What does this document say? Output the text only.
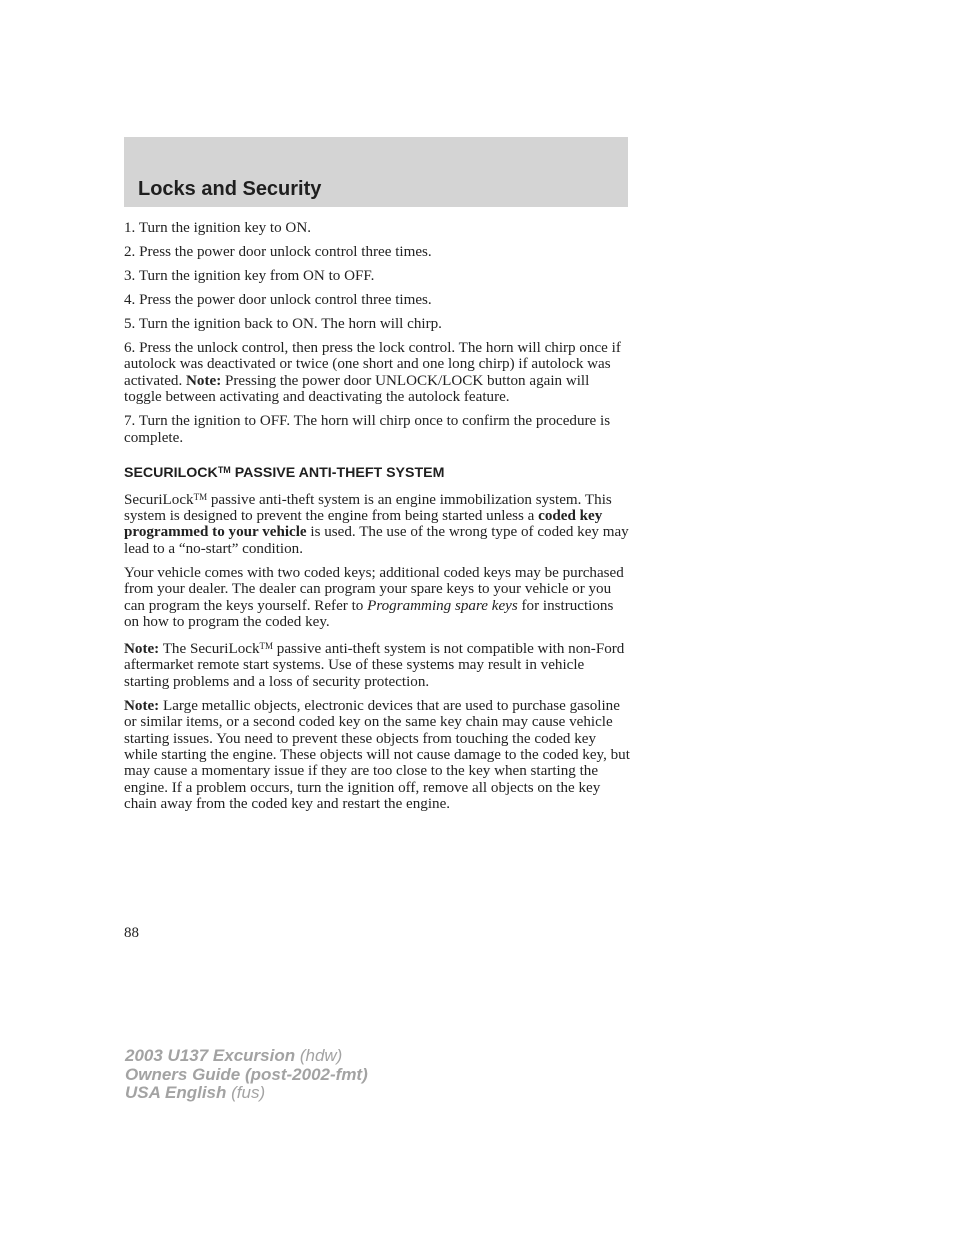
Locks and Security

1. Turn the ignition key to ON.

2. Press the power door unlock control three times.

3. Turn the ignition key from ON to OFF.

4. Press the power door unlock control three times.

5. Turn the ignition back to ON. The horn will chirp.

6. Press the unlock control, then press the lock control. The horn will chirp once if autolock was deactivated or twice (one short and one long chirp) if autolock was activated. Note: Pressing the power door UNLOCK/LOCK button again will toggle between activating and deactivating the autolock feature.

7. Turn the ignition to OFF. The horn will chirp once to confirm the procedure is complete.

SECURILOCK™ PASSIVE ANTI-THEFT SYSTEM

SecuriLock™ passive anti-theft system is an engine immobilization system. This system is designed to prevent the engine from being started unless a coded key programmed to your vehicle is used. The use of the wrong type of coded key may lead to a “no-start” condition.

Your vehicle comes with two coded keys; additional coded keys may be purchased from your dealer. The dealer can program your spare keys to your vehicle or you can program the keys yourself. Refer to Programming spare keys for instructions on how to program the coded key.

Note: The SecuriLock™ passive anti-theft system is not compatible with non-Ford aftermarket remote start systems. Use of these systems may result in vehicle starting problems and a loss of security protection.

Note: Large metallic objects, electronic devices that are used to purchase gasoline or similar items, or a second coded key on the same key chain may cause vehicle starting issues. You need to prevent these objects from touching the coded key while starting the engine. These objects will not cause damage to the coded key, but may cause a momentary issue if they are too close to the key when starting the engine. If a problem occurs, turn the ignition off, remove all objects on the key chain away from the coded key and restart the engine.

88
2003 U137 Excursion (hdw)
Owners Guide (post-2002-fmt)
USA English (fus)
